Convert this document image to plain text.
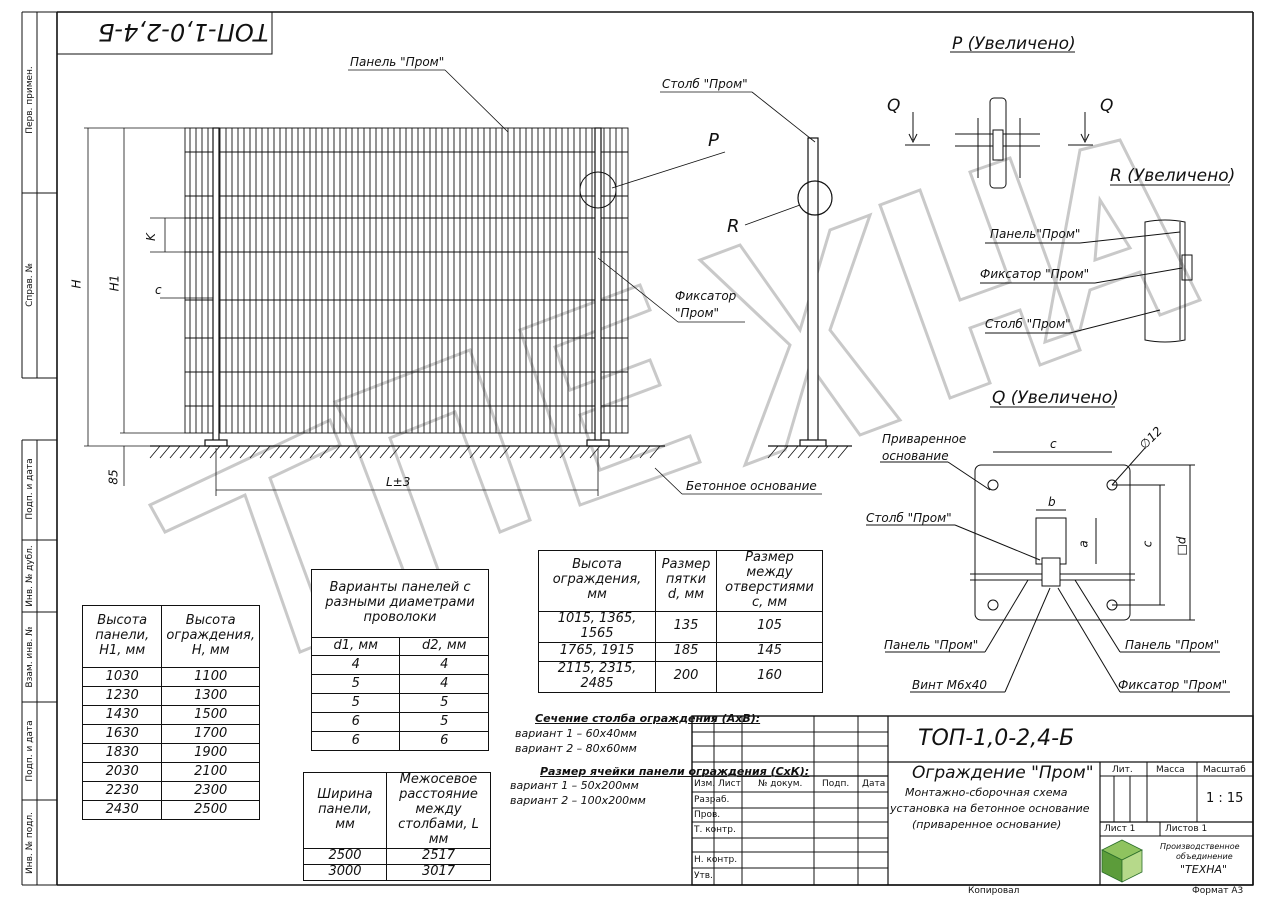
ТОП-1,0-2,4-Б
Перв. примен.
Справ. №
Подп. и дата
Инв. № дубл.
Взам. инв. №
Подп. и дата
Инв. № подл.
Панель "Пром"
Столб "Пром"
P
R
K
c
H H1
85	L±3
Фиксатор
"Пром"
Бетонное основание
P (Увеличено)
Q	Q
R (Увеличено)
Панель"Пром"
Фиксатор "Пром"
Столб "Пром"
Q (Увеличено)
Приваренное
основание
c	∅12
b
a	c □d
Столб "Пром"
Панель "Пром"	Панель "Пром"
Винт М6х40	Фиксатор "Пром"
Высота панели, H1, мм	Высота ограждения, H, мм
1030	1100
1230	1300
1430	1500
1630	1700
1830	1900
2030	2100
2230	2300
2430	2500
Варианты панелей с разными диаметрами проволоки	
d1, мм	d2, мм
4	4
5	4
5	5
6	5
6	6
Ширина панели, мм	Межосевое расстояние между столбами, L мм
2500	2517
3000	3017
Высота ограждения, мм	Размер пятки d, мм	Размер между отверстиями c, мм
1015, 1365, 1565	135	105
1765, 1915	185	145
2115, 2315, 2485	200	160
Сечение столба ограждения (АхВ):
вариант 1 – 60х40мм
вариант 2 – 80х60мм
Размер ячейки панели ограждения (СхК):
вариант 1 – 50х200мм
вариант 2 – 100х200мм
ТОП-1,0-2,4-Б
Ограждение "Пром"
Монтажно-сборочная схема
установка на бетонное основание
(приваренное основание)
Изм. Лист № докум. Подп. Дата
Разраб.
Пров.
Т. контр.
Н. контр.
Утв.
Лит.	Масса Масштаб
1 : 15
Лист 1	Листов 1
Производственное
объединение
"ТЕХНА"
Копировал	Формат А3
